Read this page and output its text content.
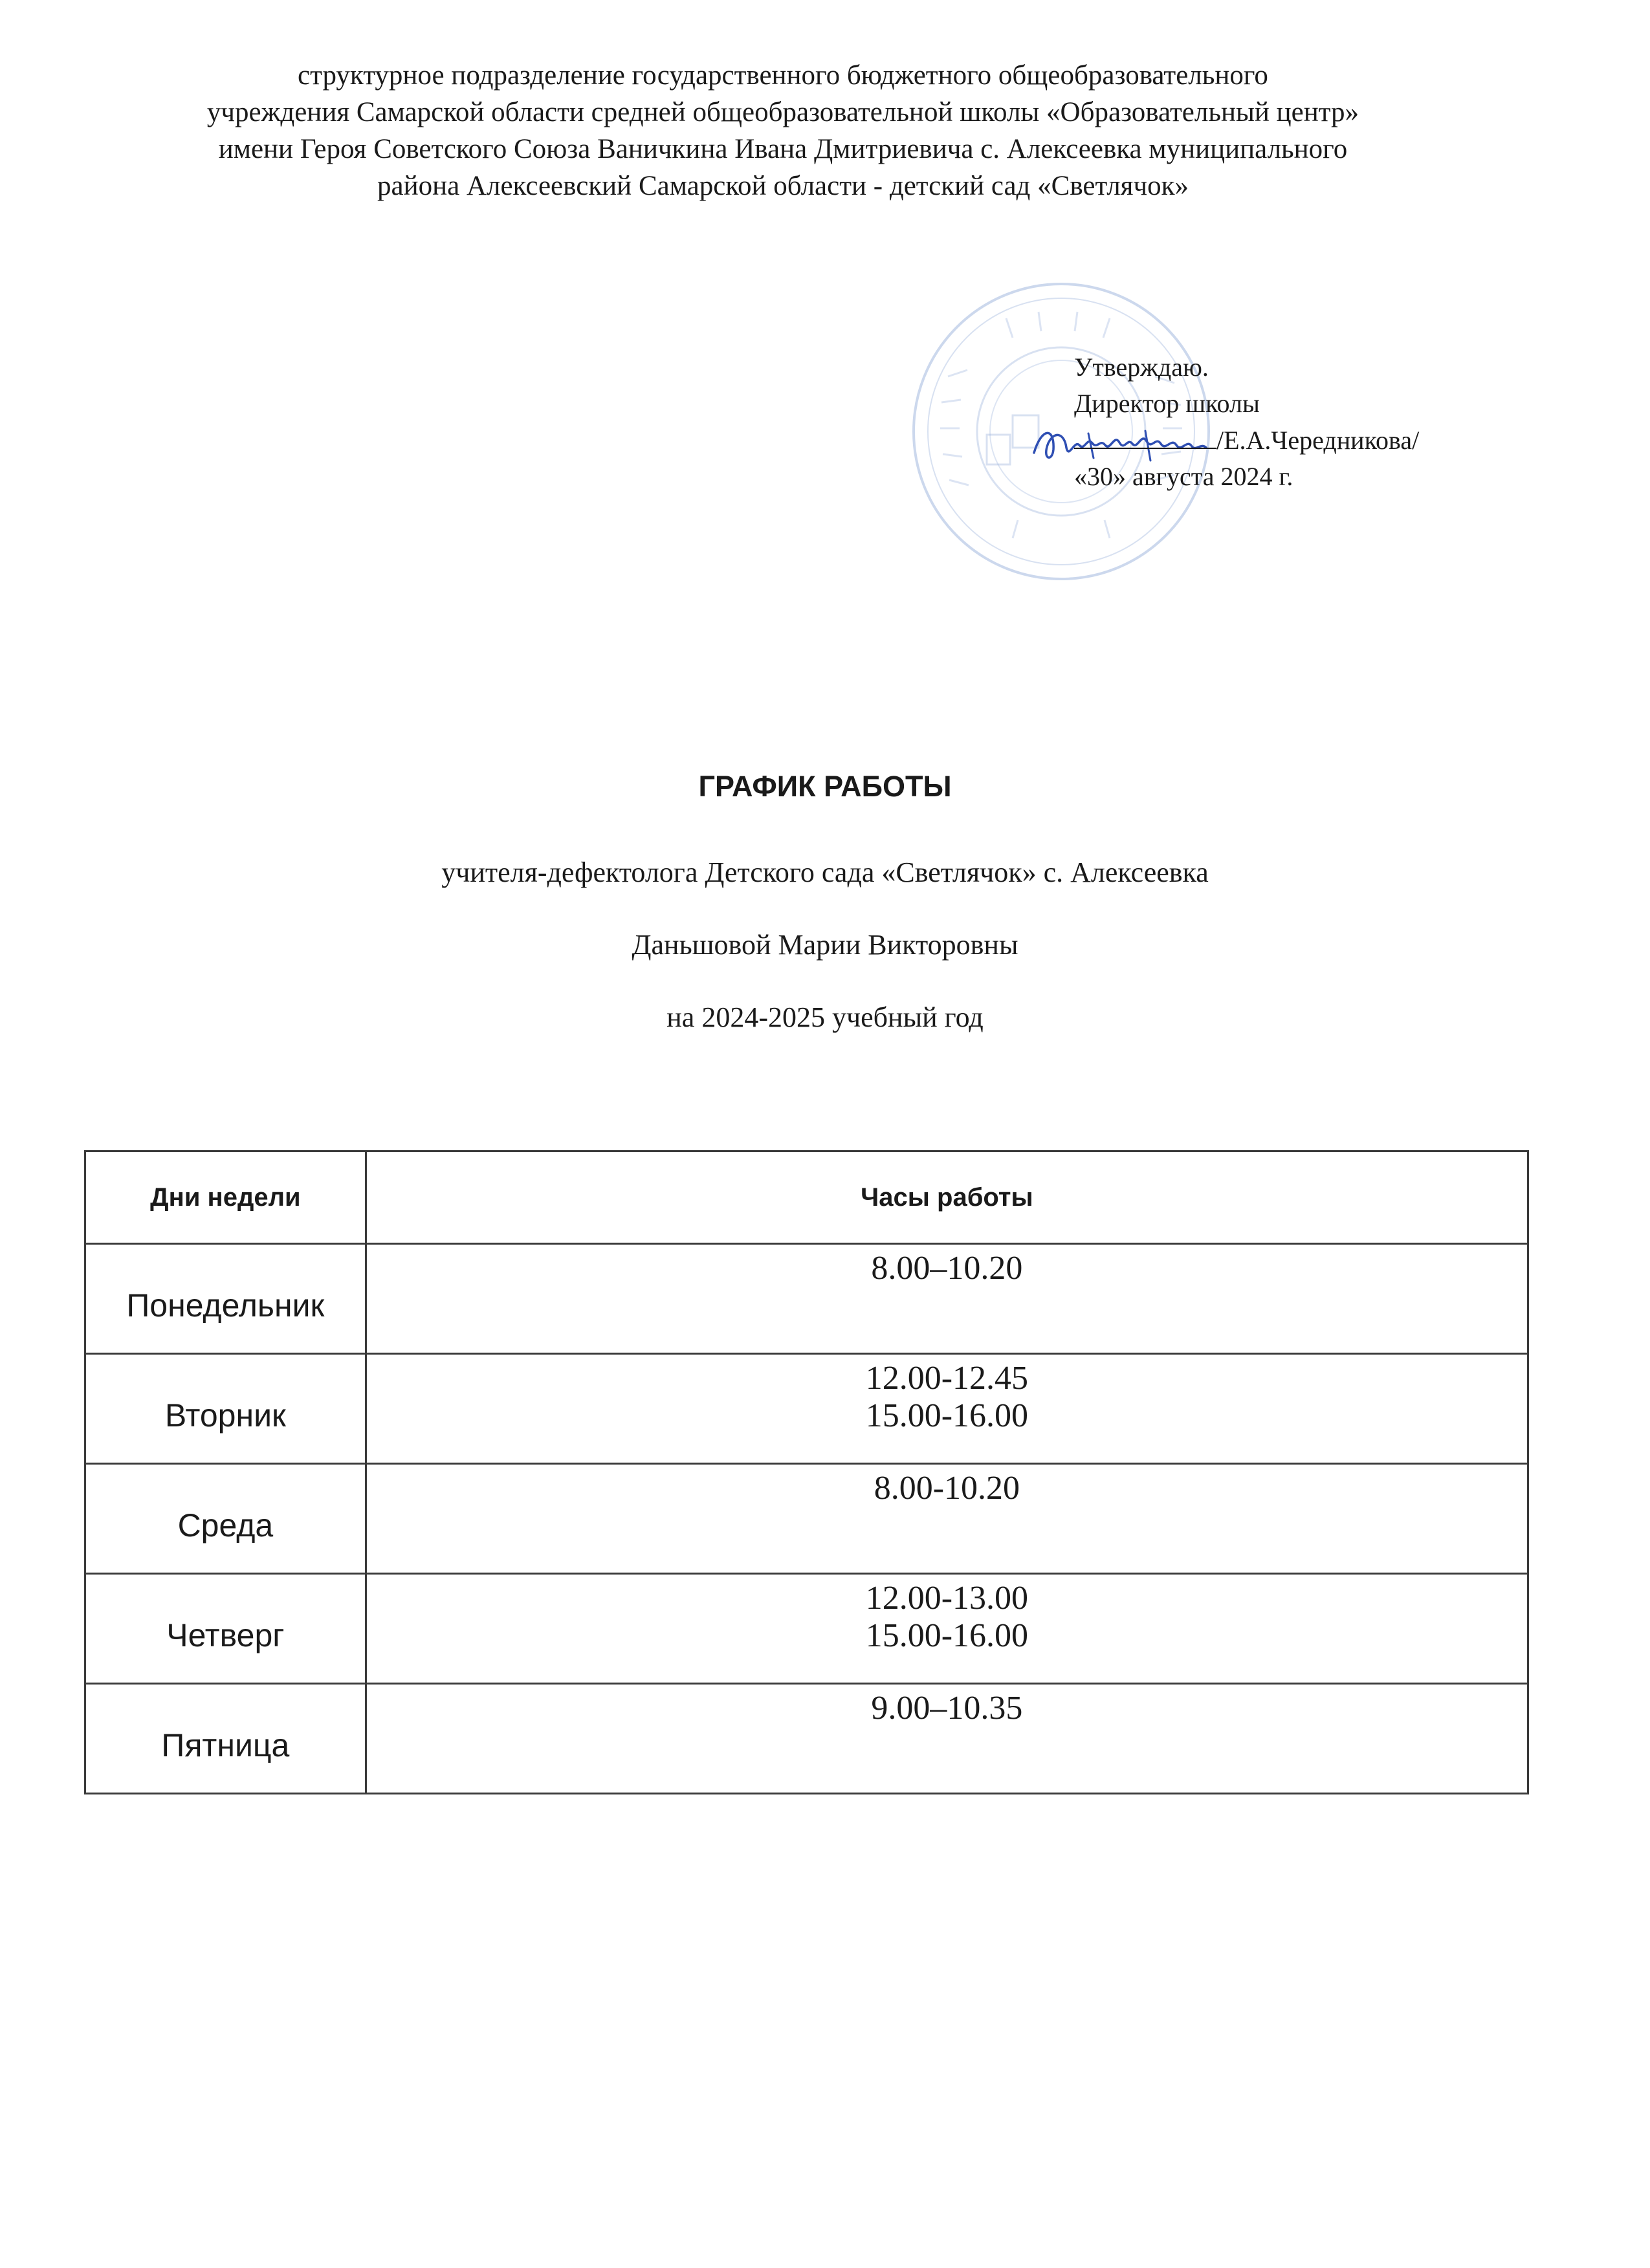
структурное подразделение государственного бюджетного общеобразовательного
учреждения Самарской области средней общеобразовательной школы «Образовательный центр»
имени Героя Советского Союза Ваничкина Ивана Дмитриевича с. Алексеевка муниципального
района Алексеевский Самарской области - детский сад «Светлячок»
Утверждаю.
Директор школы
/Е.А.Чередникова/
«30» августа 2024 г.
ГРАФИК РАБОТЫ
учителя-дефектолога Детского сада «Светлячок» с. Алексеевка
Даньшовой Марии Викторовны
на 2024-2025 учебный год
Дни недели	Часы работы
Понедельник	8.00–10.20

Вторник	12.00-12.45
15.00-16.00

Среда	8.00-10.20

Четверг	12.00-13.00
15.00-16.00

Пятница	9.00–10.35
